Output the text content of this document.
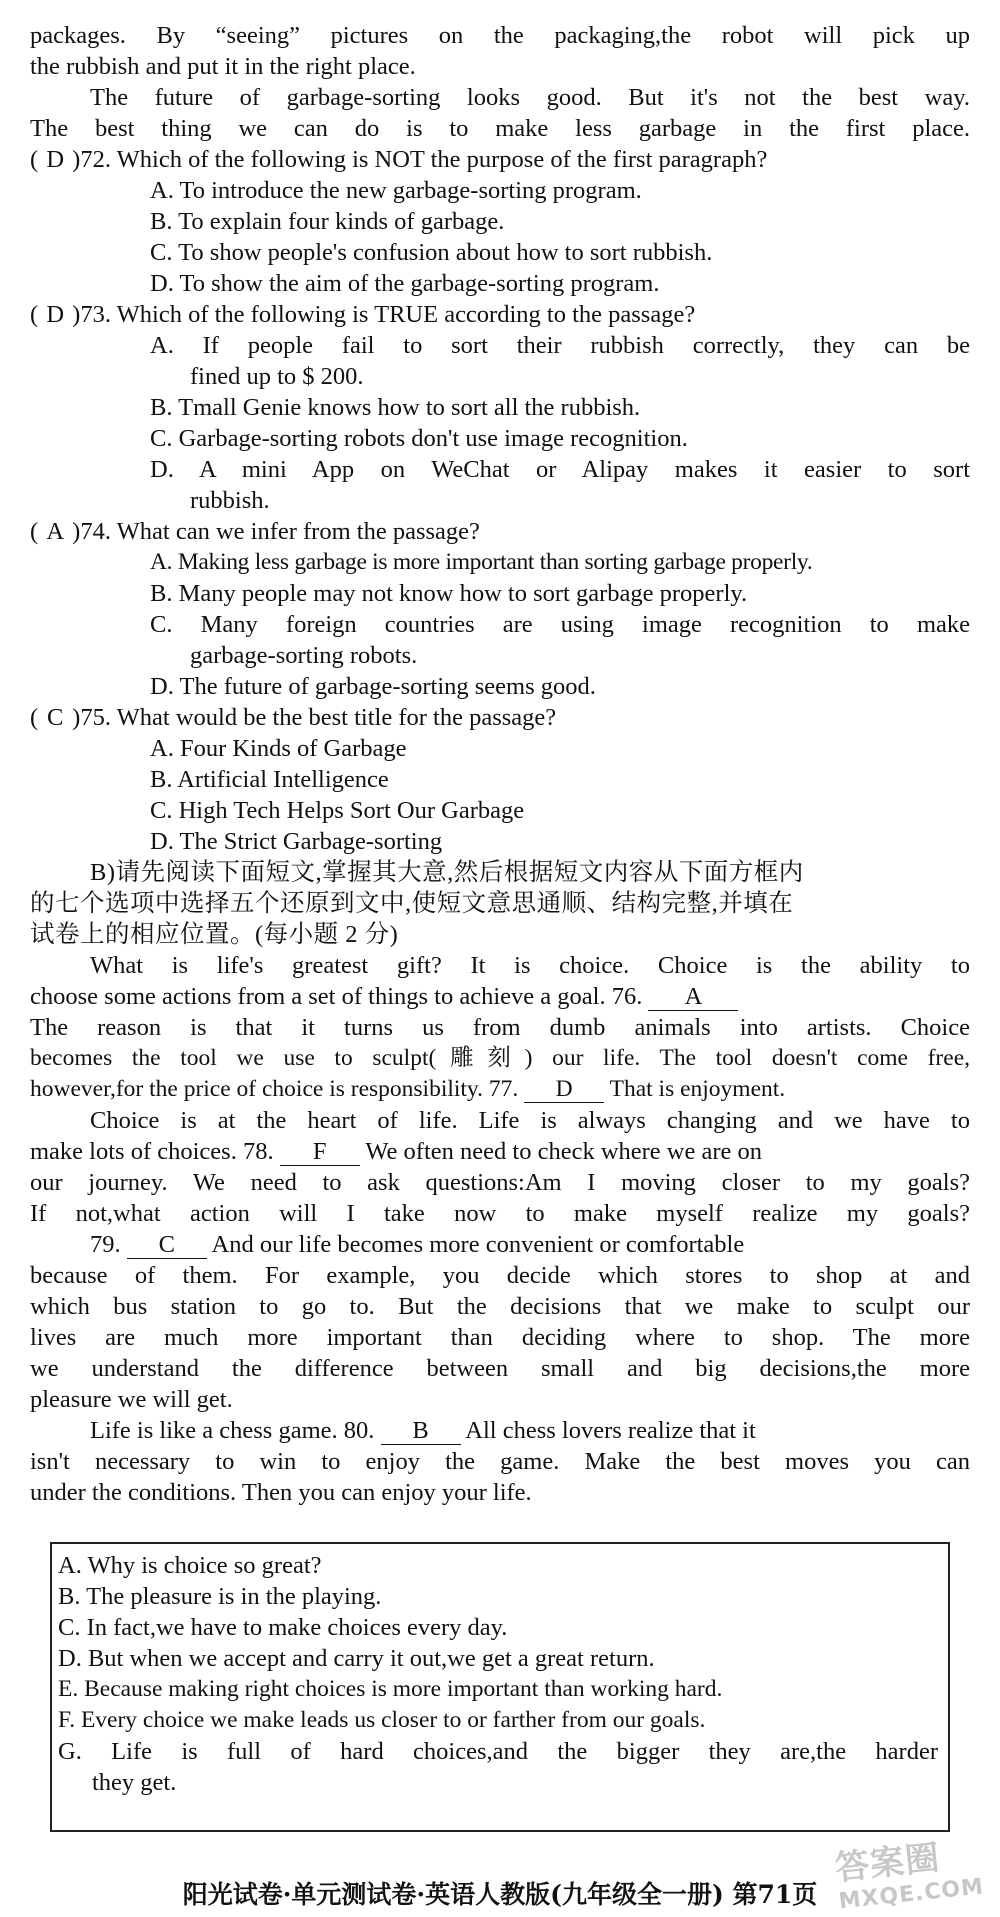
packages. By “seeing” pictures on the packaging,the robot will pick up
the rubbish and put it in the right place.
The future of garbage-sorting looks good. But it's not the best way.
The best thing we can do is to make less garbage in the first place.
( D )72. Which of the following is NOT the purpose of the first paragraph?
A. To introduce the new garbage-sorting program.
B. To explain four kinds of garbage.
C. To show people's confusion about how to sort rubbish.
D. To show the aim of the garbage-sorting program.
( D )73. Which of the following is TRUE according to the passage?
A. If people fail to sort their rubbish correctly, they can be
fined up to $ 200.
B. Tmall Genie knows how to sort all the rubbish.
C. Garbage-sorting robots don't use image recognition.
D. A mini App on WeChat or Alipay makes it easier to sort
rubbish.
( A )74. What can we infer from the passage?
A. Making less garbage is more important than sorting garbage properly.
B. Many people may not know how to sort garbage properly.
C. Many foreign countries are using image recognition to make
garbage-sorting robots.
D. The future of garbage-sorting seems good.
( C )75. What would be the best title for the passage?
A. Four Kinds of Garbage
B. Artificial Intelligence
C. High Tech Helps Sort Our Garbage
D. The Strict Garbage-sorting
B)请先阅读下面短文,掌握其大意,然后根据短文内容从下面方框内
的七个选项中选择五个还原到文中,使短文意思通顺、结构完整,并填在
试卷上的相应位置。(每小题 2 分)
What is life's greatest gift? It is choice. Choice is the ability to
choose some actions from a set of things to achieve a goal. 76. A
The reason is that it turns us from dumb animals into artists. Choice
becomes the tool we use to sculpt(雕刻) our life. The tool doesn't come free,
however,for the price of choice is responsibility. 77. D That is enjoyment.
Choice is at the heart of life. Life is always changing and we have to
make lots of choices. 78. F We often need to check where we are on
our journey. We need to ask questions:Am I moving closer to my goals?
If not,what action will I take now to make myself realize my goals?
79. C And our life becomes more convenient or comfortable
because of them. For example, you decide which stores to shop at and
which bus station to go to. But the decisions that we make to sculpt our
lives are much more important than deciding where to shop. The more
we understand the difference between small and big decisions,the more
pleasure we will get.
Life is like a chess game. 80. B All chess lovers realize that it
isn't necessary to win to enjoy the game. Make the best moves you can
under the conditions. Then you can enjoy your life.
A. Why is choice so great?
B. The pleasure is in the playing.
C. In fact,we have to make choices every day.
D. But when we accept and carry it out,we get a great return.
E. Because making right choices is more important than working hard.
F. Every choice we make leads us closer to or farther from our goals.
G. Life is full of hard choices,and the bigger they are,the harder
they get.
阳光试卷·单元测试卷·英语人教版(九年级全一册) 第71页
答案圈
MXQE.COM
